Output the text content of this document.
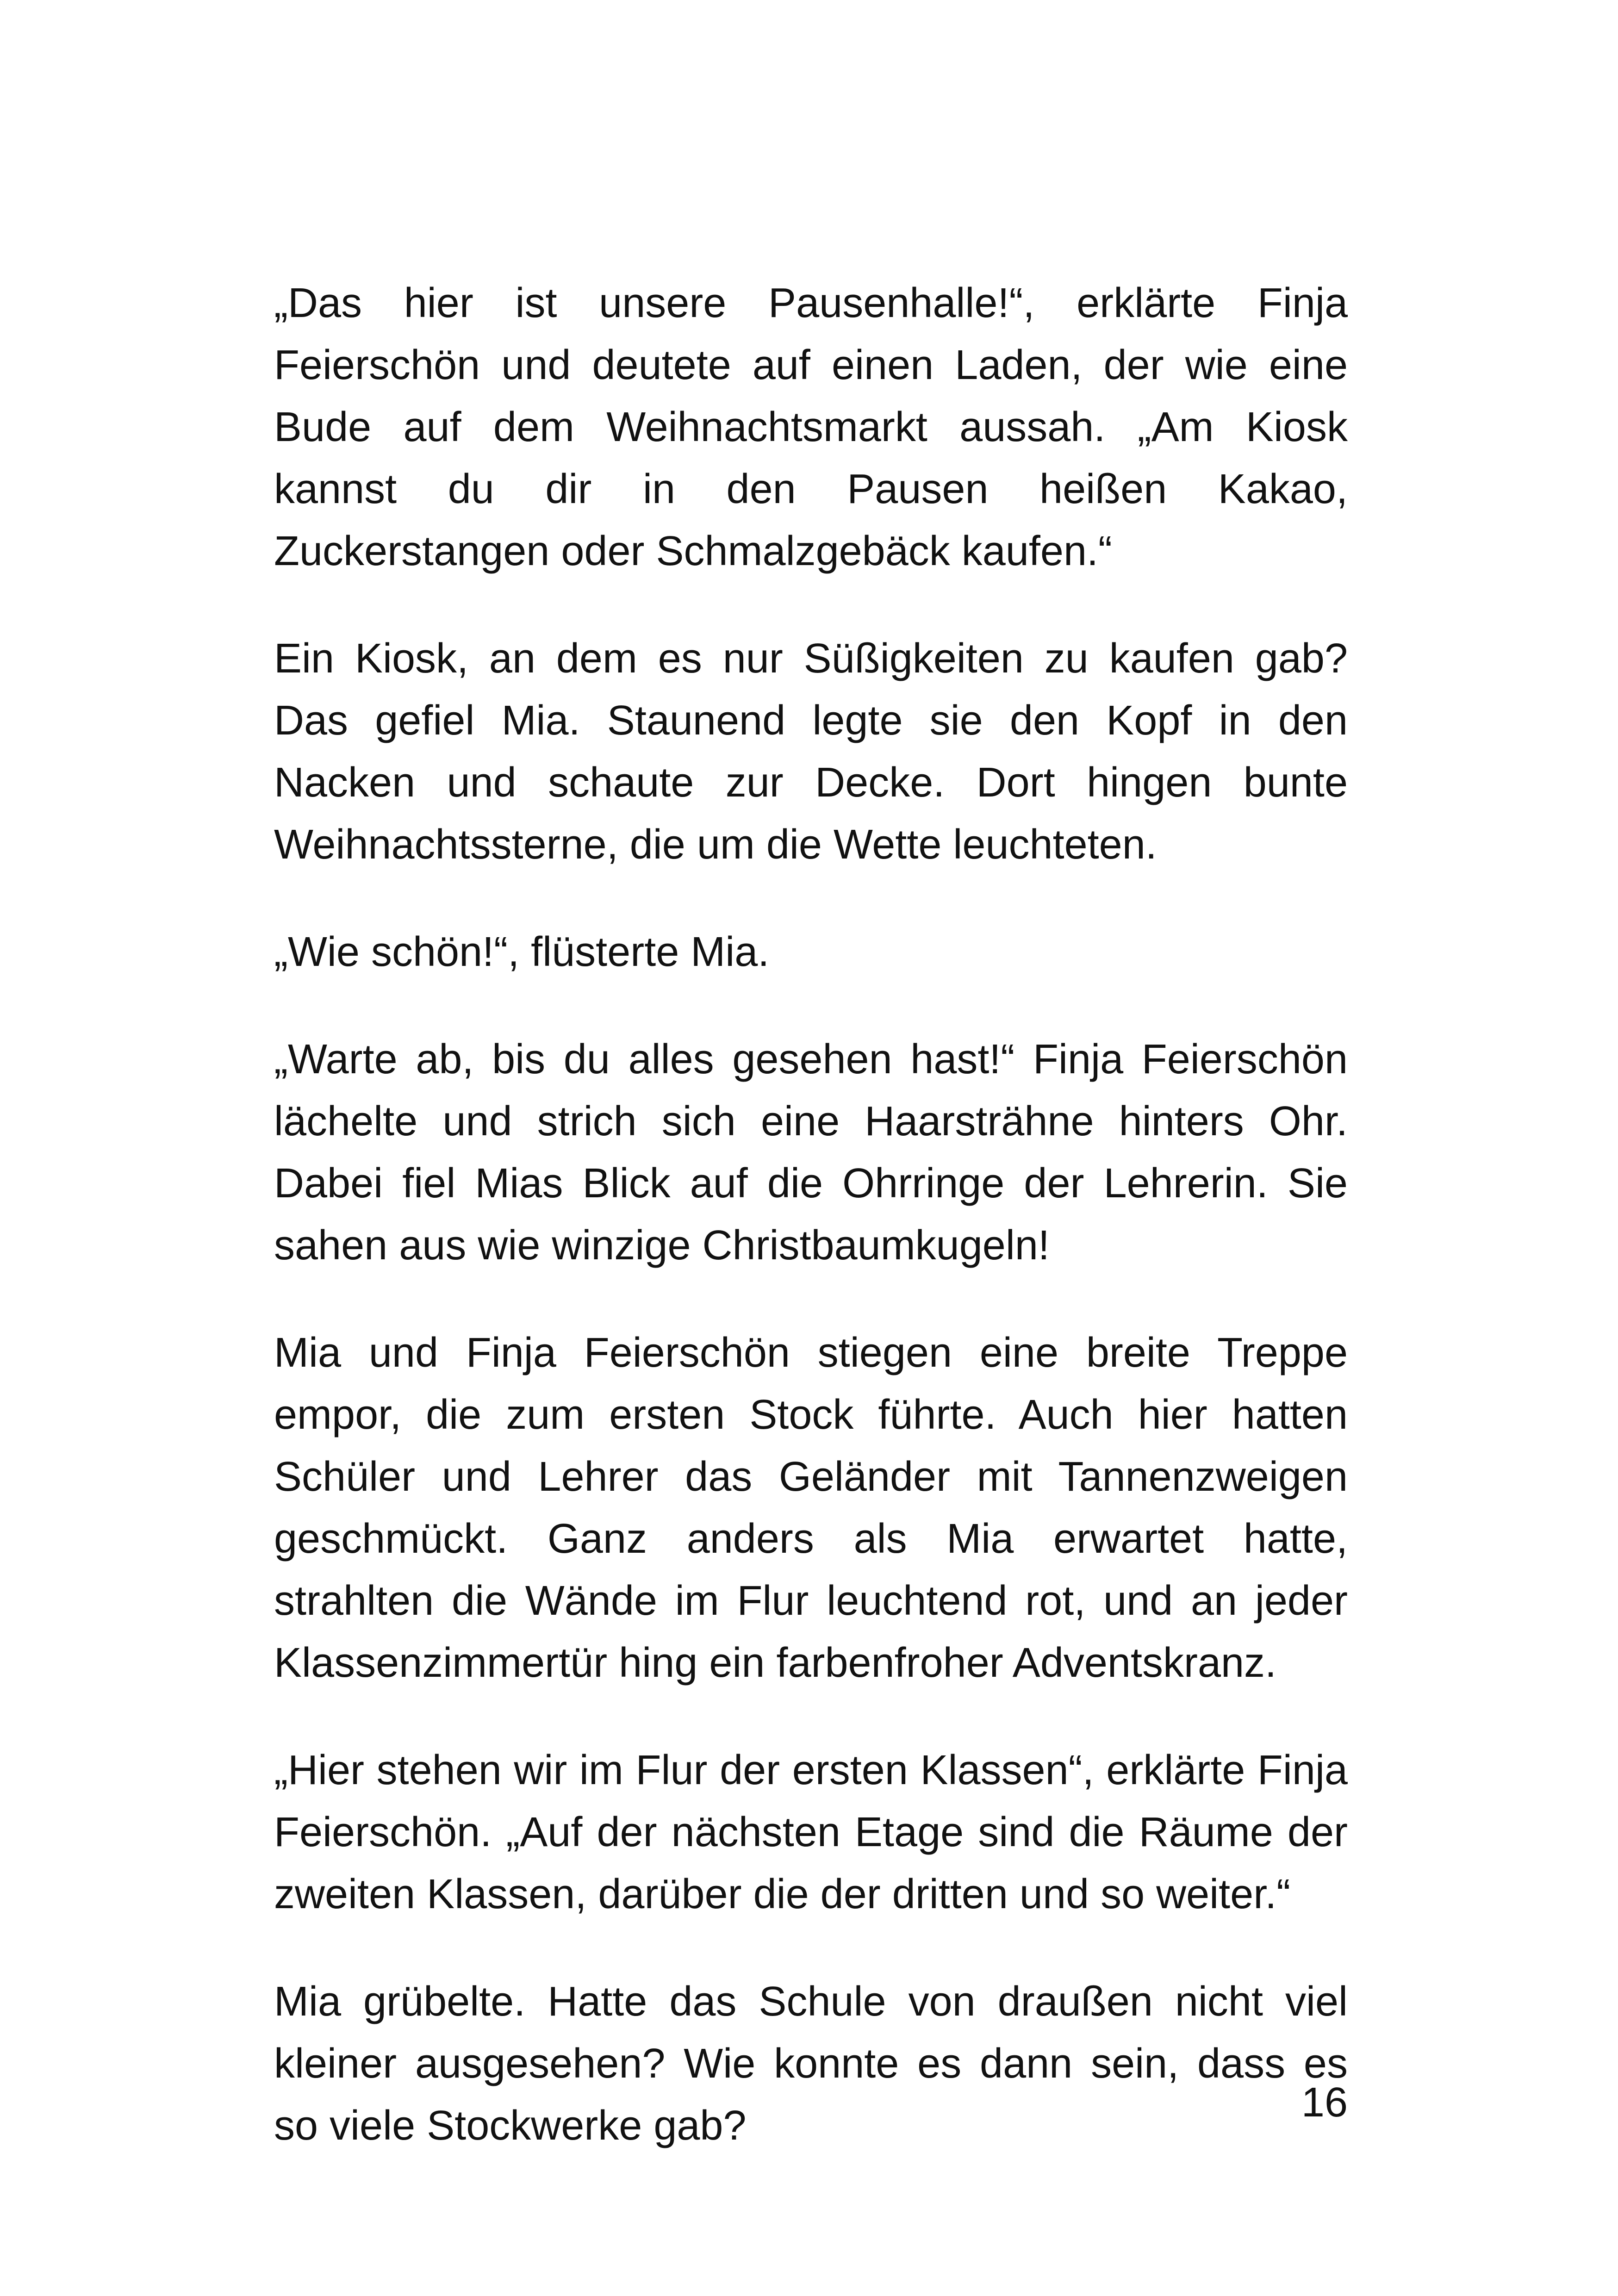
„Das hier ist unsere Pausenhalle!“, erklärte Finja Feierschön und deutete auf einen Laden, der wie eine Bude auf dem Weihnachtsmarkt aussah. „Am Kiosk kannst du dir in den Pausen heißen Kakao, Zuckerstangen oder Schmalzgebäck kaufen.“

Ein Kiosk, an dem es nur Süßigkeiten zu kaufen gab? Das gefiel Mia. Staunend legte sie den Kopf in den Nacken und schaute zur Decke. Dort hingen bunte Weihnachtssterne, die um die Wette leuchteten.

„Wie schön!“, flüsterte Mia.

„Warte ab, bis du alles gesehen hast!“ Finja Feierschön lächelte und strich sich eine Haarsträhne hinters Ohr. Dabei fiel Mias Blick auf die Ohrringe der Lehrerin. Sie sahen aus wie winzige Christbaumkugeln!

Mia und Finja Feierschön stiegen eine breite Treppe empor, die zum ersten Stock führte. Auch hier hatten Schüler und Lehrer das Geländer mit Tannenzweigen geschmückt. Ganz anders als Mia erwartet hatte, strahlten die Wände im Flur leuchtend rot, und an jeder Klassenzimmertür hing ein farbenfroher Adventskranz.

„Hier stehen wir im Flur der ersten Klassen“, erklärte Finja Feierschön. „Auf der nächsten Etage sind die Räume der zweiten Klassen, darüber die der dritten und so weiter.“

Mia grübelte. Hatte das Schule von draußen nicht viel kleiner ausgesehen? Wie konnte es dann sein, dass es so viele Stockwerke gab?	16
